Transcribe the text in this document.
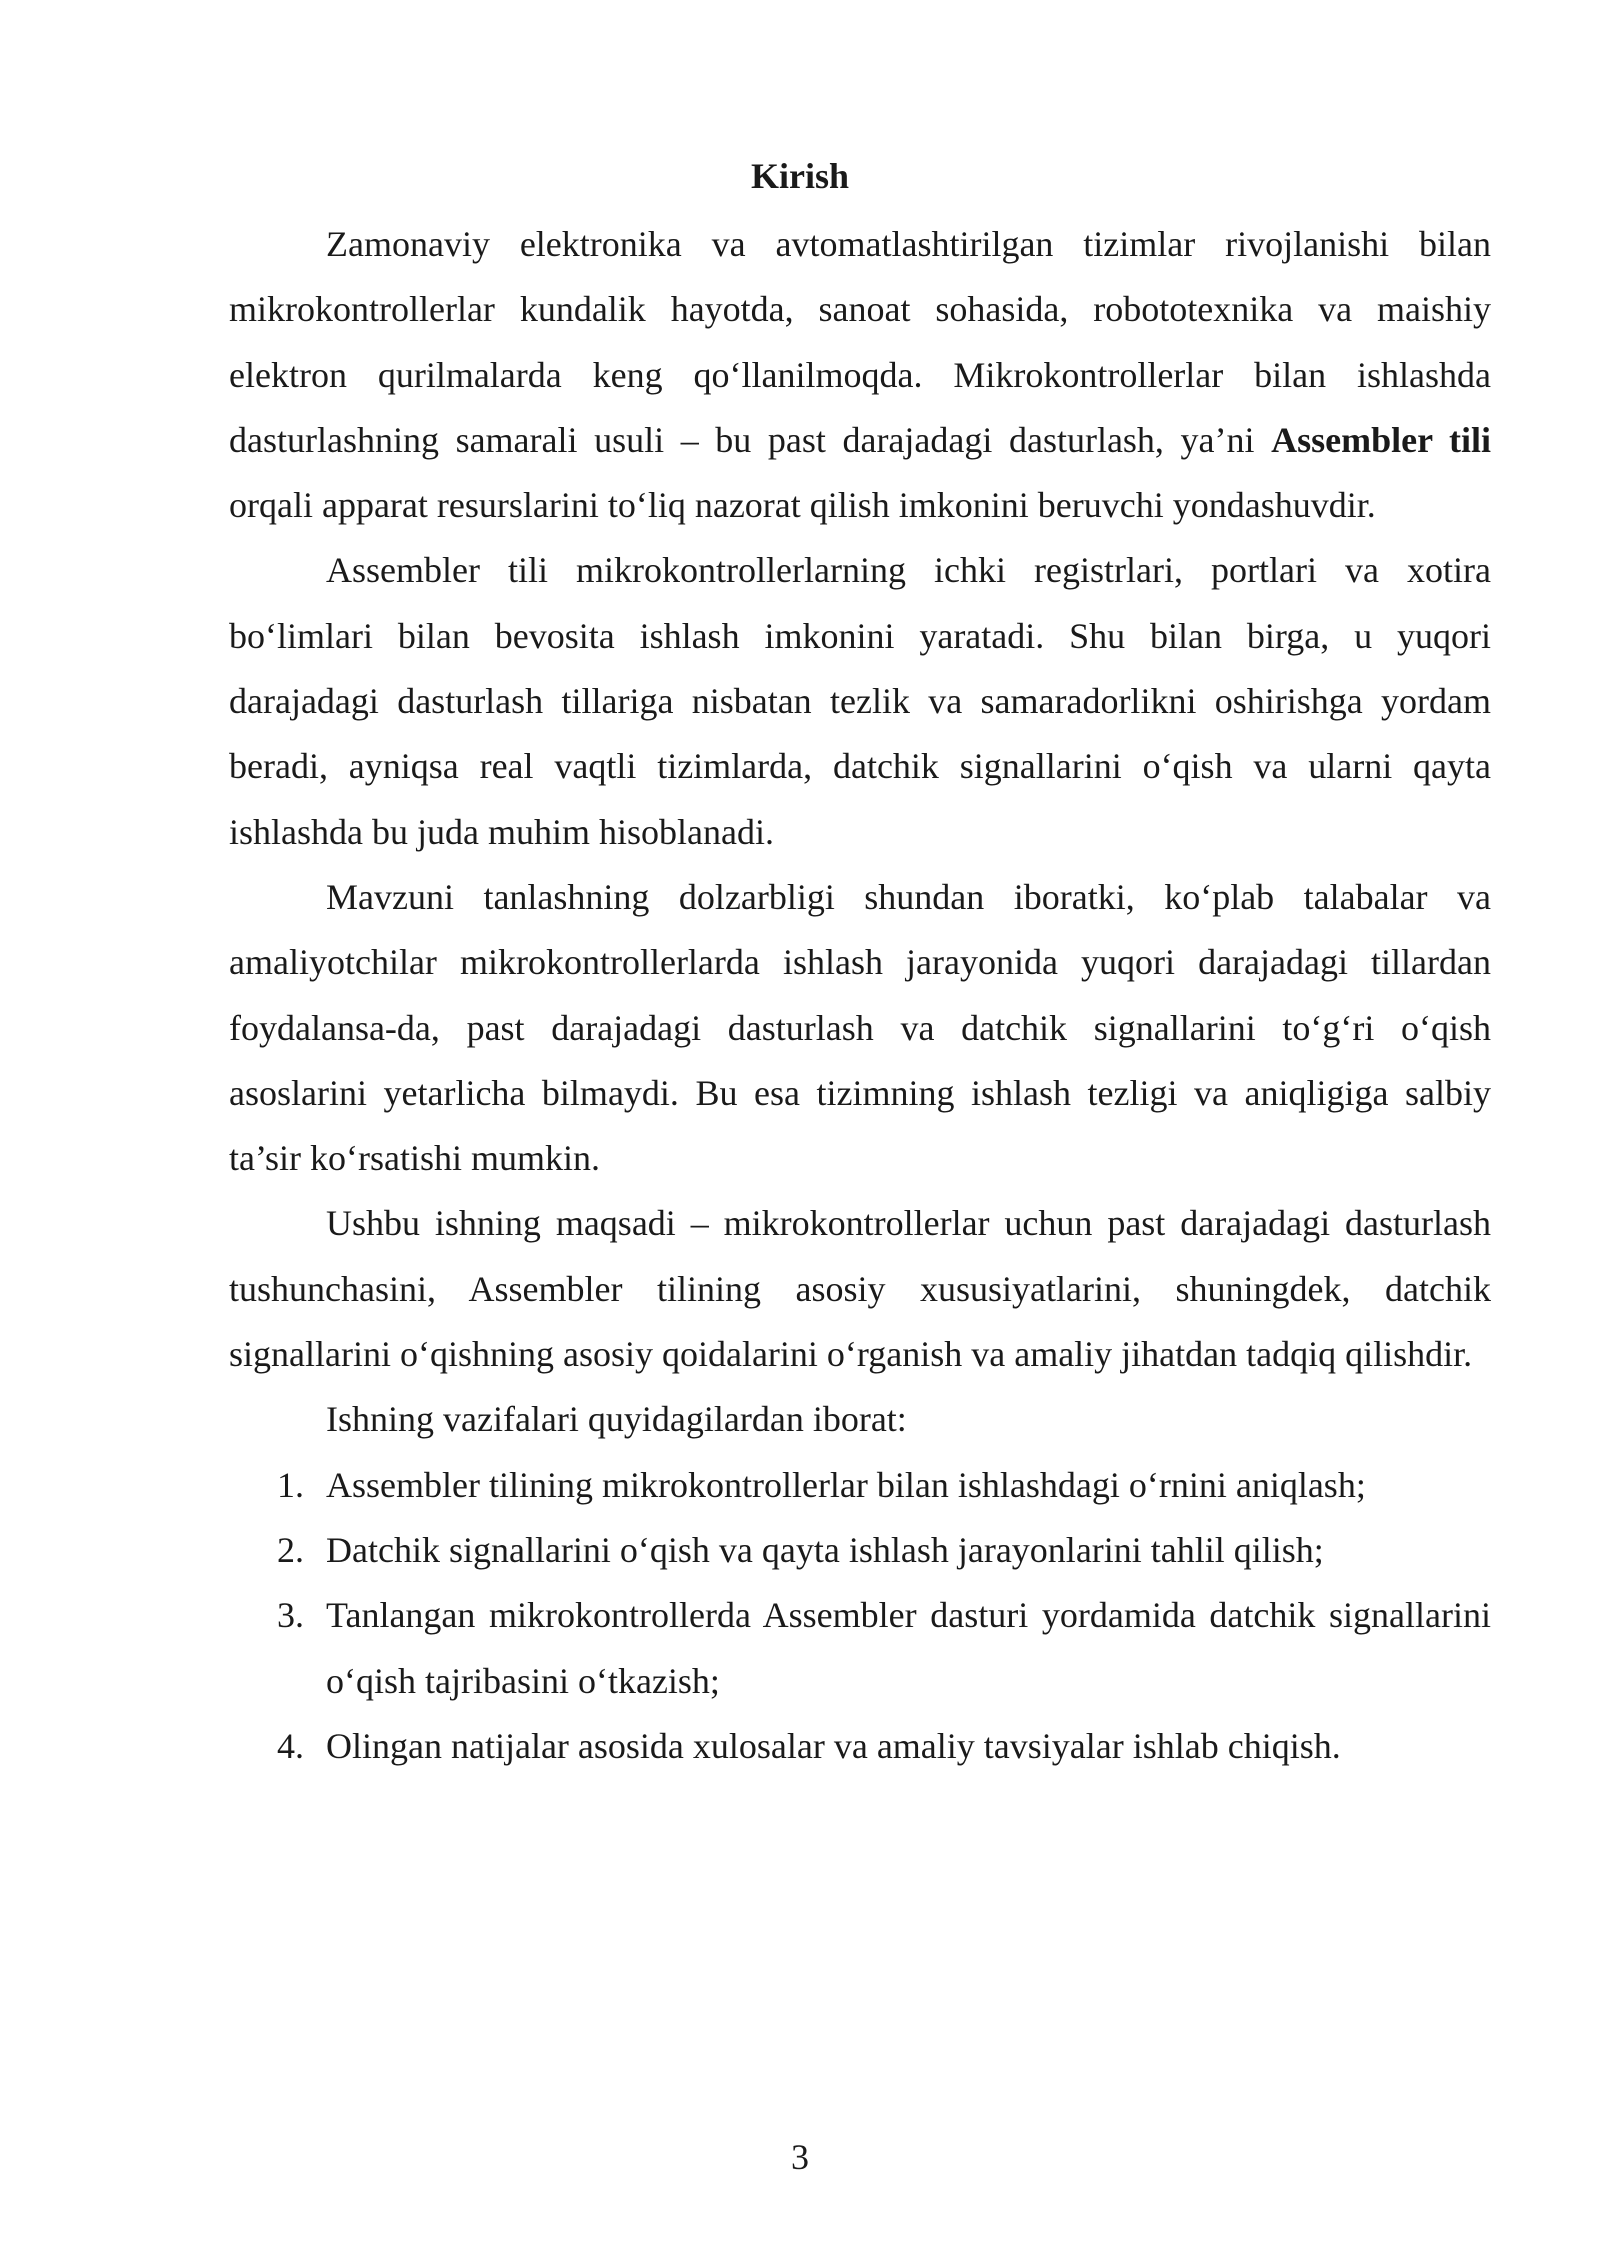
Kirish

Zamonaviy elektronika va avtomatlashtirilgan tizimlar rivojlanishi bilan mikrokontrollerlar kundalik hayotda, sanoat sohasida, robototexnika va maishiy elektron qurilmalarda keng qo‘llanilmoqda. Mikrokontrollerlar bilan ishlashda dasturlashning samarali usuli – bu past darajadagi dasturlash, ya’ni Assembler tili orqali apparat resurslarini to‘liq nazorat qilish imkonini beruvchi yondashuvdir.

Assembler tili mikrokontrollerlarning ichki registrlari, portlari va xotira bo‘limlari bilan bevosita ishlash imkonini yaratadi. Shu bilan birga, u yuqori darajadagi dasturlash tillariga nisbatan tezlik va samaradorlikni oshirishga yordam beradi, ayniqsa real vaqtli tizimlarda, datchik signallarini o‘qish va ularni qayta ishlashda bu juda muhim hisoblanadi.

Mavzuni tanlashning dolzarbligi shundan iboratki, ko‘plab talabalar va amaliyotchilar mikrokontrollerlarda ishlash jarayonida yuqori darajadagi tillardan foydalansa-da, past darajadagi dasturlash va datchik signallarini to‘g‘ri o‘qish asoslarini yetarlicha bilmaydi. Bu esa tizimning ishlash tezligi va aniqligiga salbiy ta’sir ko‘rsatishi mumkin.

Ushbu ishning maqsadi – mikrokontrollerlar uchun past darajadagi dasturlash tushunchasini, Assembler tilining asosiy xususiyatlarini, shuningdek, datchik signallarini o‘qishning asosiy qoidalarini o‘rganish va amaliy jihatdan tadqiq qilishdir.

Ishning vazifalari quyidagilardan iborat:

1. Assembler tilining mikrokontrollerlar bilan ishlashdagi o‘rnini aniqlash;
2. Datchik signallarini o‘qish va qayta ishlash jarayonlarini tahlil qilish;
3. Tanlangan mikrokontrollerda Assembler dasturi yordamida datchik signallarini o‘qish tajribasini o‘tkazish;
4. Olingan natijalar asosida xulosalar va amaliy tavsiyalar ishlab chiqish.
3
